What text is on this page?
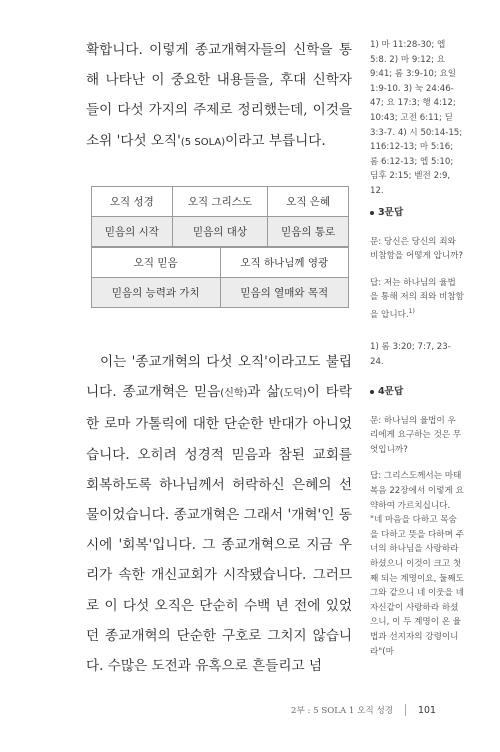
확합니다. 이렇게 종교개혁자들의 신학을 통해 나타난 이 중요한 내용들을, 후대 신학자들이 다섯 가지의 주제로 정리했는데, 이것을 소위 '다섯 오직'(5 SOLA)이라고 부릅니다.

오직 성경	오직 그리스도	오직 은혜
믿음의 시작	믿음의 대상	믿음의 통로
오직 믿음	오직 하나님께 영광
믿음의 능력과 가치	믿음의 열매와 목적

이는 '종교개혁의 다섯 오직'이라고도 불립니다. 종교개혁은 믿음(신학)과 삶(도덕)이 타락한 로마 가톨릭에 대한 단순한 반대가 아니었습니다. 오히려 성경적 믿음과 참된 교회를 회복하도록 하나님께서 허락하신 은혜의 선물이었습니다. 종교개혁은 그래서 '개혁'인 동시에 '회복'입니다. 그 종교개혁으로 지금 우리가 속한 개신교회가 시작됐습니다. 그러므로 이 다섯 오직은 단순히 수백 년 전에 있었던 종교개혁의 단순한 구호로 그치지 않습니다. 수많은 도전과 유혹으로 흔들리고 넘

1) 마 11:28-30; 엡 5:8. 2) 마 9:12; 요 9:41; 롬 3:9-10; 요일 1:9-10. 3) 눅 24:46-47; 요 17:3; 행 4:12; 10:43; 고전 6:11; 딛 3:3-7. 4) 시 50:14-15; 116:12-13; 마 5:16; 롬 6:12-13; 엡 5:10; 딤후 2:15; 벧전 2:9, 12.

3문답

문: 당신은 당신의 죄와 비참함을 어떻게 압니까?

답: 저는 하나님의 율법을 통해 저의 죄와 비참함을 압니다.$^{1)}$

1) 롬 3:20; 7:7, 23-24.

4문답

문: 하나님의 율법이 우리에게 요구하는 것은 무엇입니까?

답: 그리스도께서는 마태복음 22장에서 이렇게 요약하여 가르치십니다. "네 마음을 다하고 목숨을 다하고 뜻을 다하며 주 너의 하나님을 사랑하라 하셨으니 이것이 크고 첫째 되는 계명이요, 둘째도 그와 같으니 네 이웃을 네 자신같이 사랑하라 하셨으니, 이 두 계명이 온 율법과 선지자의 강령이니라"(마

2부 : 5 SOLA 1 오직 성경	101
